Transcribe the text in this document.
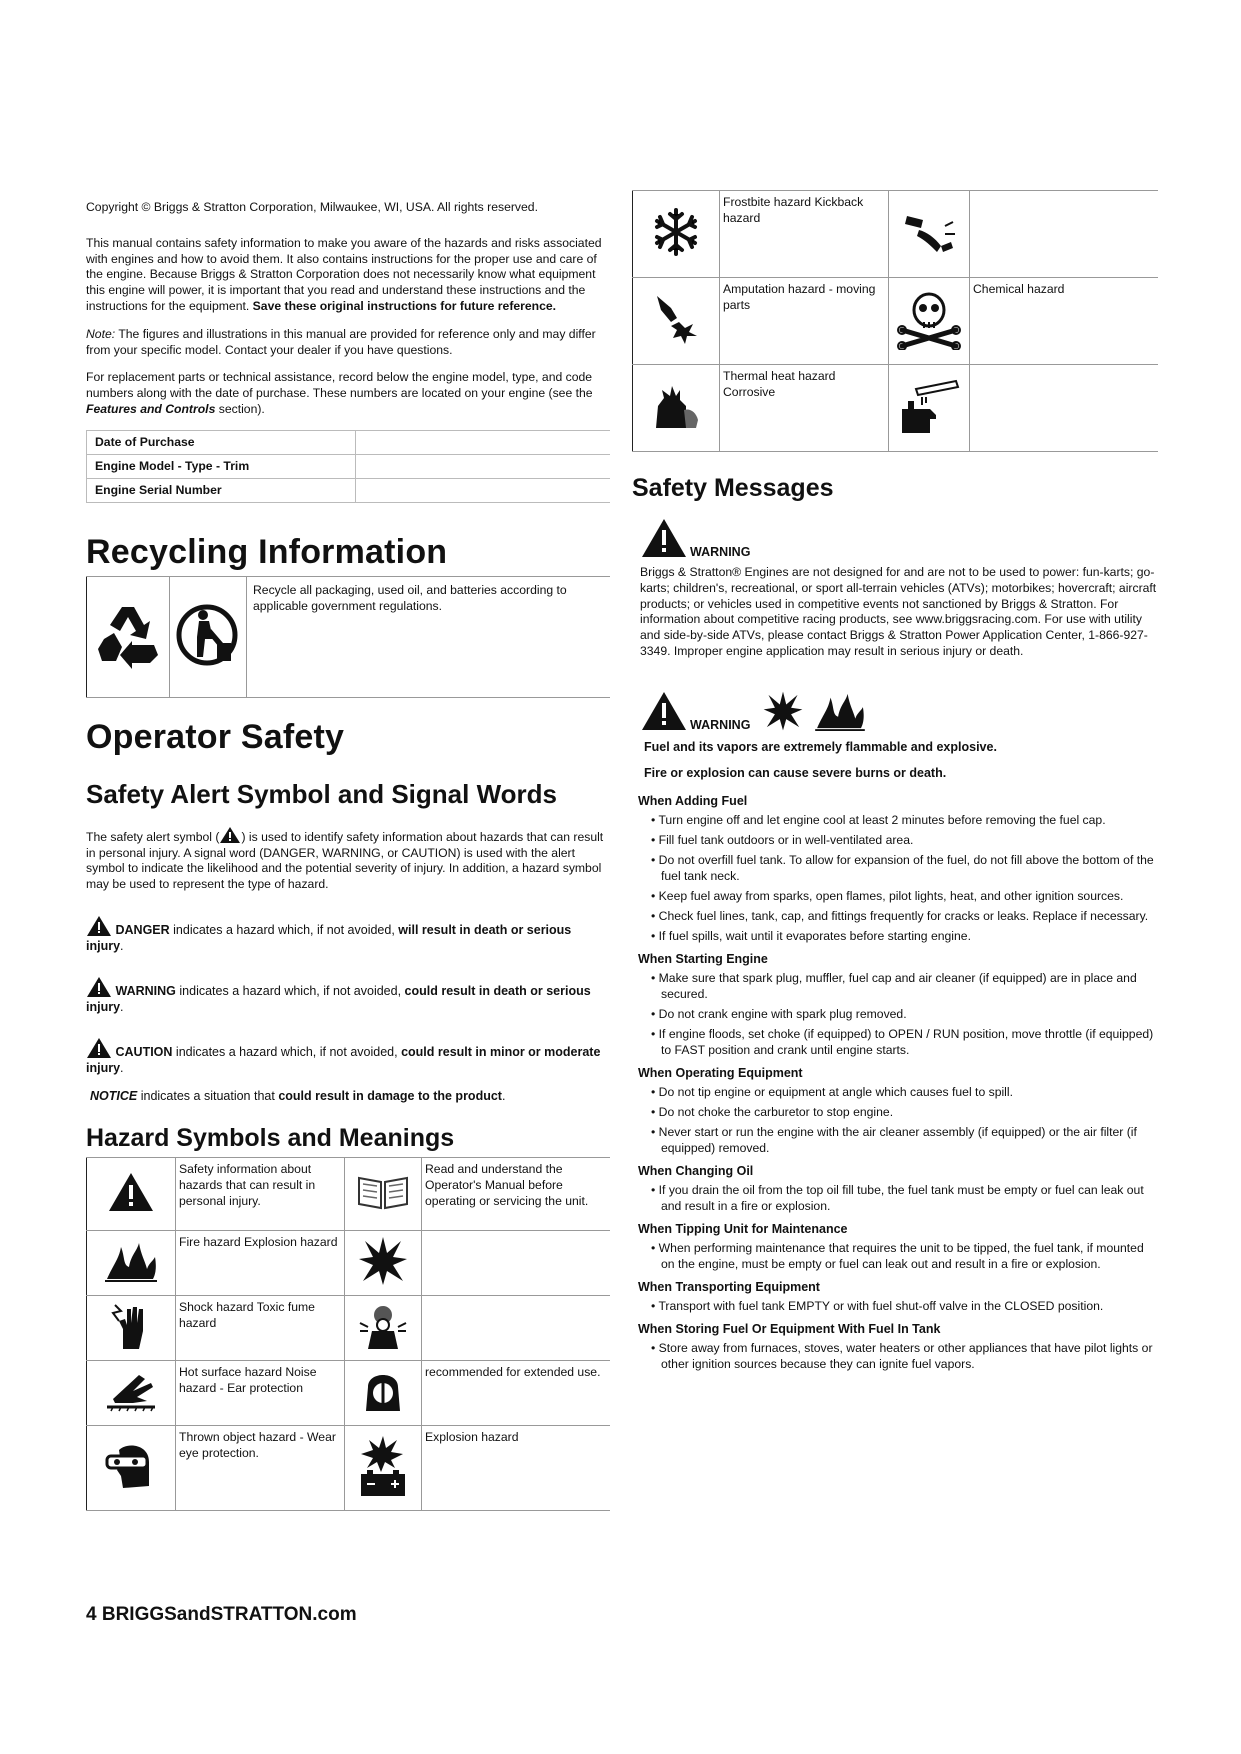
Copyright © Briggs & Stratton Corporation, Milwaukee, WI, USA. All rights reserved.

This manual contains safety information to make you aware of the hazards and risks associated with engines and how to avoid them. It also contains instructions for the proper use and care of the engine. Because Briggs & Stratton Corporation does not necessarily know what equipment this engine will power, it is important that you read and understand these instructions and the instructions for the equipment. Save these original instructions for future reference.

Note: The figures and illustrations in this manual are provided for reference only and may differ from your specific model. Contact your dealer if you have questions.

For replacement parts or technical assistance, record below the engine model, type, and code numbers along with the date of purchase. These numbers are located on your engine (see the Features and Controls section).

Date of Purchase	
Engine Model - Type - Trim	
Engine Serial Number	
Recycling Information
		Recycle all packaging, used oil, and batteries according to applicable government regulations.
Operator Safety
Safety Alert Symbol and Signal Words

The safety alert symbol ( ) is used to identify safety information about hazards that can result in personal injury. A signal word (DANGER, WARNING, or CAUTION) is used with the alert symbol to indicate the likelihood and the potential severity of injury. In addition, a hazard symbol may be used to represent the type of hazard.

DANGER indicates a hazard which, if not avoided, will result in death or serious injury.

WARNING indicates a hazard which, if not avoided, could result in death or serious injury.

CAUTION indicates a hazard which, if not avoided, could result in minor or moderate injury.

NOTICE indicates a situation that could result in damage to the product.

Hazard Symbols and Meanings
	Safety information about hazards that can result in personal injury.		Read and understand the Operator's Manual before operating or servicing the unit.
	Fire hazard Explosion hazard		
	Shock hazard Toxic fume hazard		
	Hot surface hazard Noise hazard - Ear protection		recommended for extended use.
	Thrown object hazard - Wear eye protection.		Explosion hazard
	Frostbite hazard Kickback hazard		
	Amputation hazard - moving parts		Chemical hazard
	Thermal heat hazard Corrosive		
Safety Messages
WARNING

Briggs & Stratton® Engines are not designed for and are not to be used to power: fun-karts; go-karts; children's, recreational, or sport all-terrain vehicles (ATVs); motorbikes; hovercraft; aircraft products; or vehicles used in competitive events not sanctioned by Briggs & Stratton. For information about competitive racing products, see www.briggsracing.com. For use with utility and side-by-side ATVs, please contact Briggs & Stratton Power Application Center, 1-866-927-3349. Improper engine application may result in serious injury or death.

WARNING

Fuel and its vapors are extremely flammable and explosive.

Fire or explosion can cause severe burns or death.

When Adding Fuel
• Turn engine off and let engine cool at least 2 minutes before removing the fuel cap.
• Fill fuel tank outdoors or in well-ventilated area.
• Do not overfill fuel tank. To allow for expansion of the fuel, do not fill above the bottom of the fuel tank neck.
• Keep fuel away from sparks, open flames, pilot lights, heat, and other ignition sources.
• Check fuel lines, tank, cap, and fittings frequently for cracks or leaks. Replace if necessary.
• If fuel spills, wait until it evaporates before starting engine.
When Starting Engine
• Make sure that spark plug, muffler, fuel cap and air cleaner (if equipped) are in place and secured.
• Do not crank engine with spark plug removed.
• If engine floods, set choke (if equipped) to OPEN / RUN position, move throttle (if equipped) to FAST position and crank until engine starts.
When Operating Equipment
• Do not tip engine or equipment at angle which causes fuel to spill.
• Do not choke the carburetor to stop engine.
• Never start or run the engine with the air cleaner assembly (if equipped) or the air filter (if equipped) removed.
When Changing Oil
• If you drain the oil from the top oil fill tube, the fuel tank must be empty or fuel can leak out and result in a fire or explosion.
When Tipping Unit for Maintenance
• When performing maintenance that requires the unit to be tipped, the fuel tank, if mounted on the engine, must be empty or fuel can leak out and result in a fire or explosion.
When Transporting Equipment
• Transport with fuel tank EMPTY or with fuel shut-off valve in the CLOSED position.
When Storing Fuel Or Equipment With Fuel In Tank
• Store away from furnaces, stoves, water heaters or other appliances that have pilot lights or other ignition sources because they can ignite fuel vapors.
4 BRIGGSandSTRATTON.com
